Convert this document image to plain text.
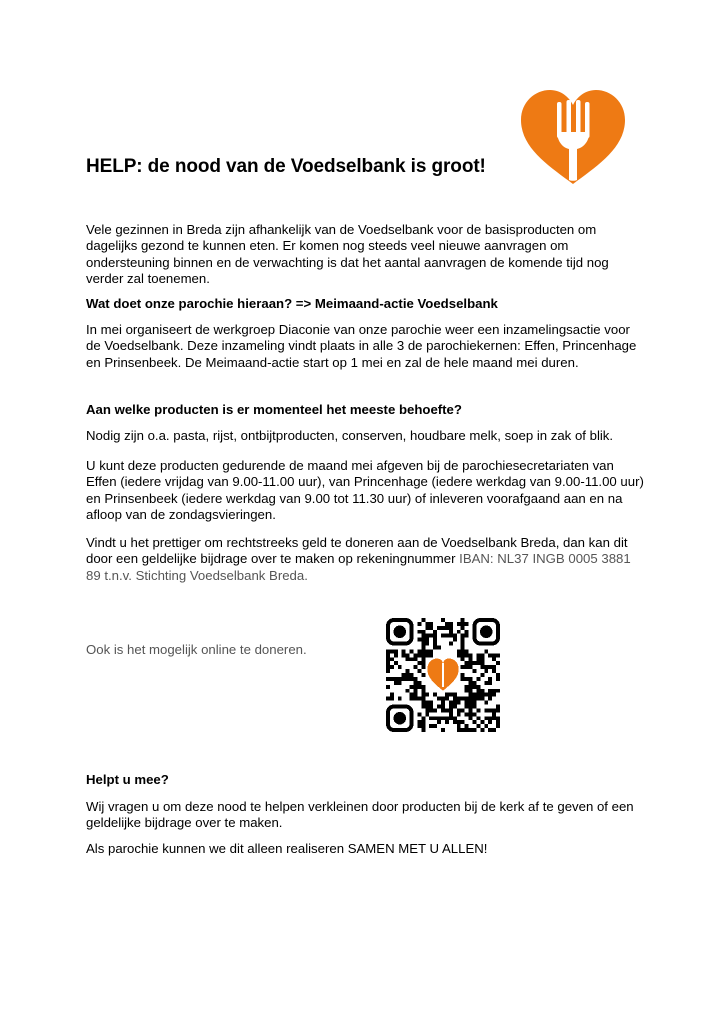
HELP: de nood van de Voedselbank is groot!

Vele gezinnen in Breda zijn afhankelijk van de Voedselbank voor de basisproducten om dagelijks gezond te kunnen eten. Er komen nog steeds veel nieuwe aanvragen om ondersteuning binnen en de verwachting is dat het aantal aanvragen de komende tijd nog verder zal toenemen.

Wat doet onze parochie hieraan? => Meimaand-actie Voedselbank

In mei organiseert de werkgroep Diaconie van onze parochie weer een inzamelingsactie voor de Voedselbank. Deze inzameling vindt plaats in alle 3 de parochiekernen: Effen, Princenhage en Prinsenbeek. De Meimaand-actie start op 1 mei en zal de hele maand mei duren.

Aan welke producten is er momenteel het meeste behoefte?

Nodig zijn o.a. pasta, rijst, ontbijtproducten, conserven, houdbare melk, soep in zak of blik.

U kunt deze producten gedurende de maand mei afgeven bij de parochiesecretariaten van Effen (iedere vrijdag van 9.00-11.00 uur), van Princenhage (iedere werkdag van 9.00-11.00 uur) en Prinsenbeek (iedere werkdag van 9.00 tot 11.30 uur) of inleveren voorafgaand aan en na afloop van de zondagsvieringen.

Vindt u het prettiger om rechtstreeks geld te doneren aan de Voedselbank Breda, dan kan dit door een geldelijke bijdrage over te maken op rekeningnummer IBAN: NL37 INGB 0005 3881 89 t.n.v. Stichting Voedselbank Breda.

Ook is het mogelijk online te doneren.

Helpt u mee?

Wij vragen u om deze nood te helpen verkleinen door producten bij de kerk af te geven of een geldelijke bijdrage over te maken.

Als parochie kunnen we dit alleen realiseren SAMEN MET U ALLEN!
